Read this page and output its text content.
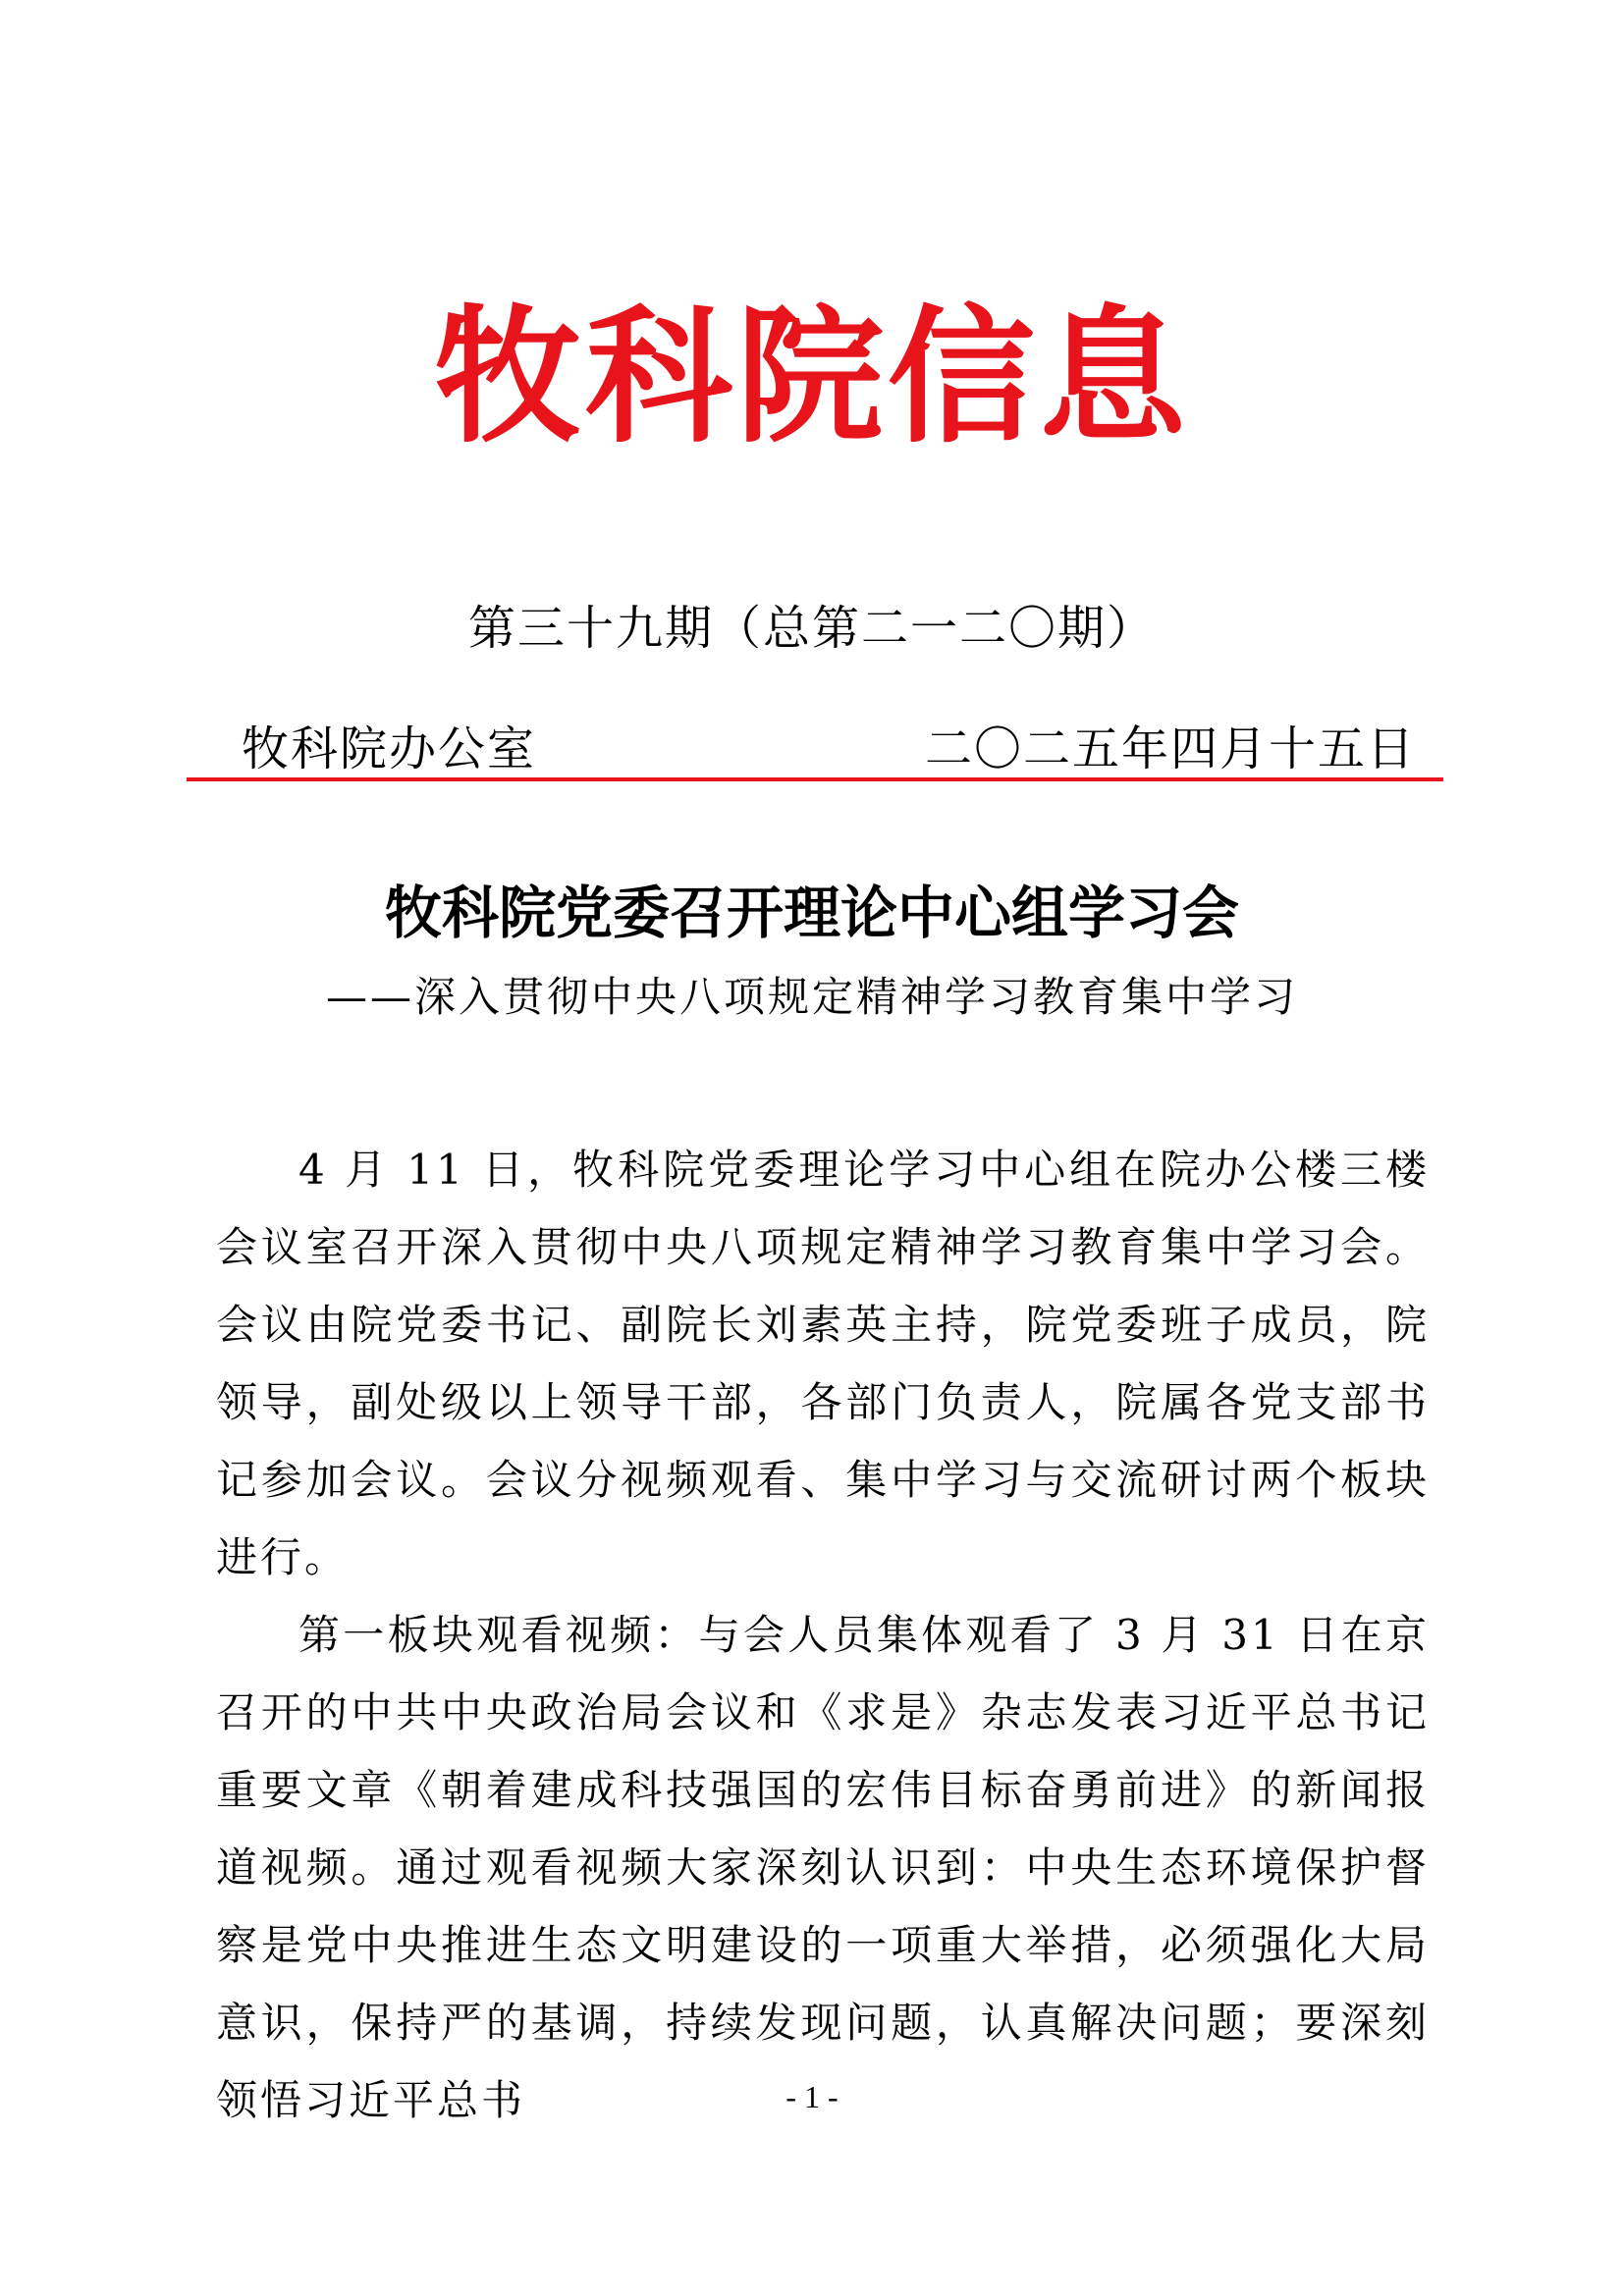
牧科院信息
第三十九期（总第二一二〇期）
牧科院办公室	二〇二五年四月十五日
牧科院党委召开理论中心组学习会
——深入贯彻中央八项规定精神学习教育集中学习

4 月 11 日，牧科院党委理论学习中心组在院办公楼三楼会议室召开深入贯彻中央八项规定精神学习教育集中学习会。会议由院党委书记、副院长刘素英主持，院党委班子成员，院领导，副处级以上领导干部，各部门负责人，院属各党支部书记参加会议。会议分视频观看、集中学习与交流研讨两个板块进行。

第一板块观看视频：与会人员集体观看了 3 月 31 日在京召开的中共中央政治局会议和《求是》杂志发表习近平总书记重要文章《朝着建成科技强国的宏伟目标奋勇前进》的新闻报道视频。通过观看视频大家深刻认识到：中央生态环境保护督察是党中央推进生态文明建设的一项重大举措，必须强化大局意识，保持严的基调，持续发现问题，认真解决问题；要深刻领悟习近平总书	- 1 -
